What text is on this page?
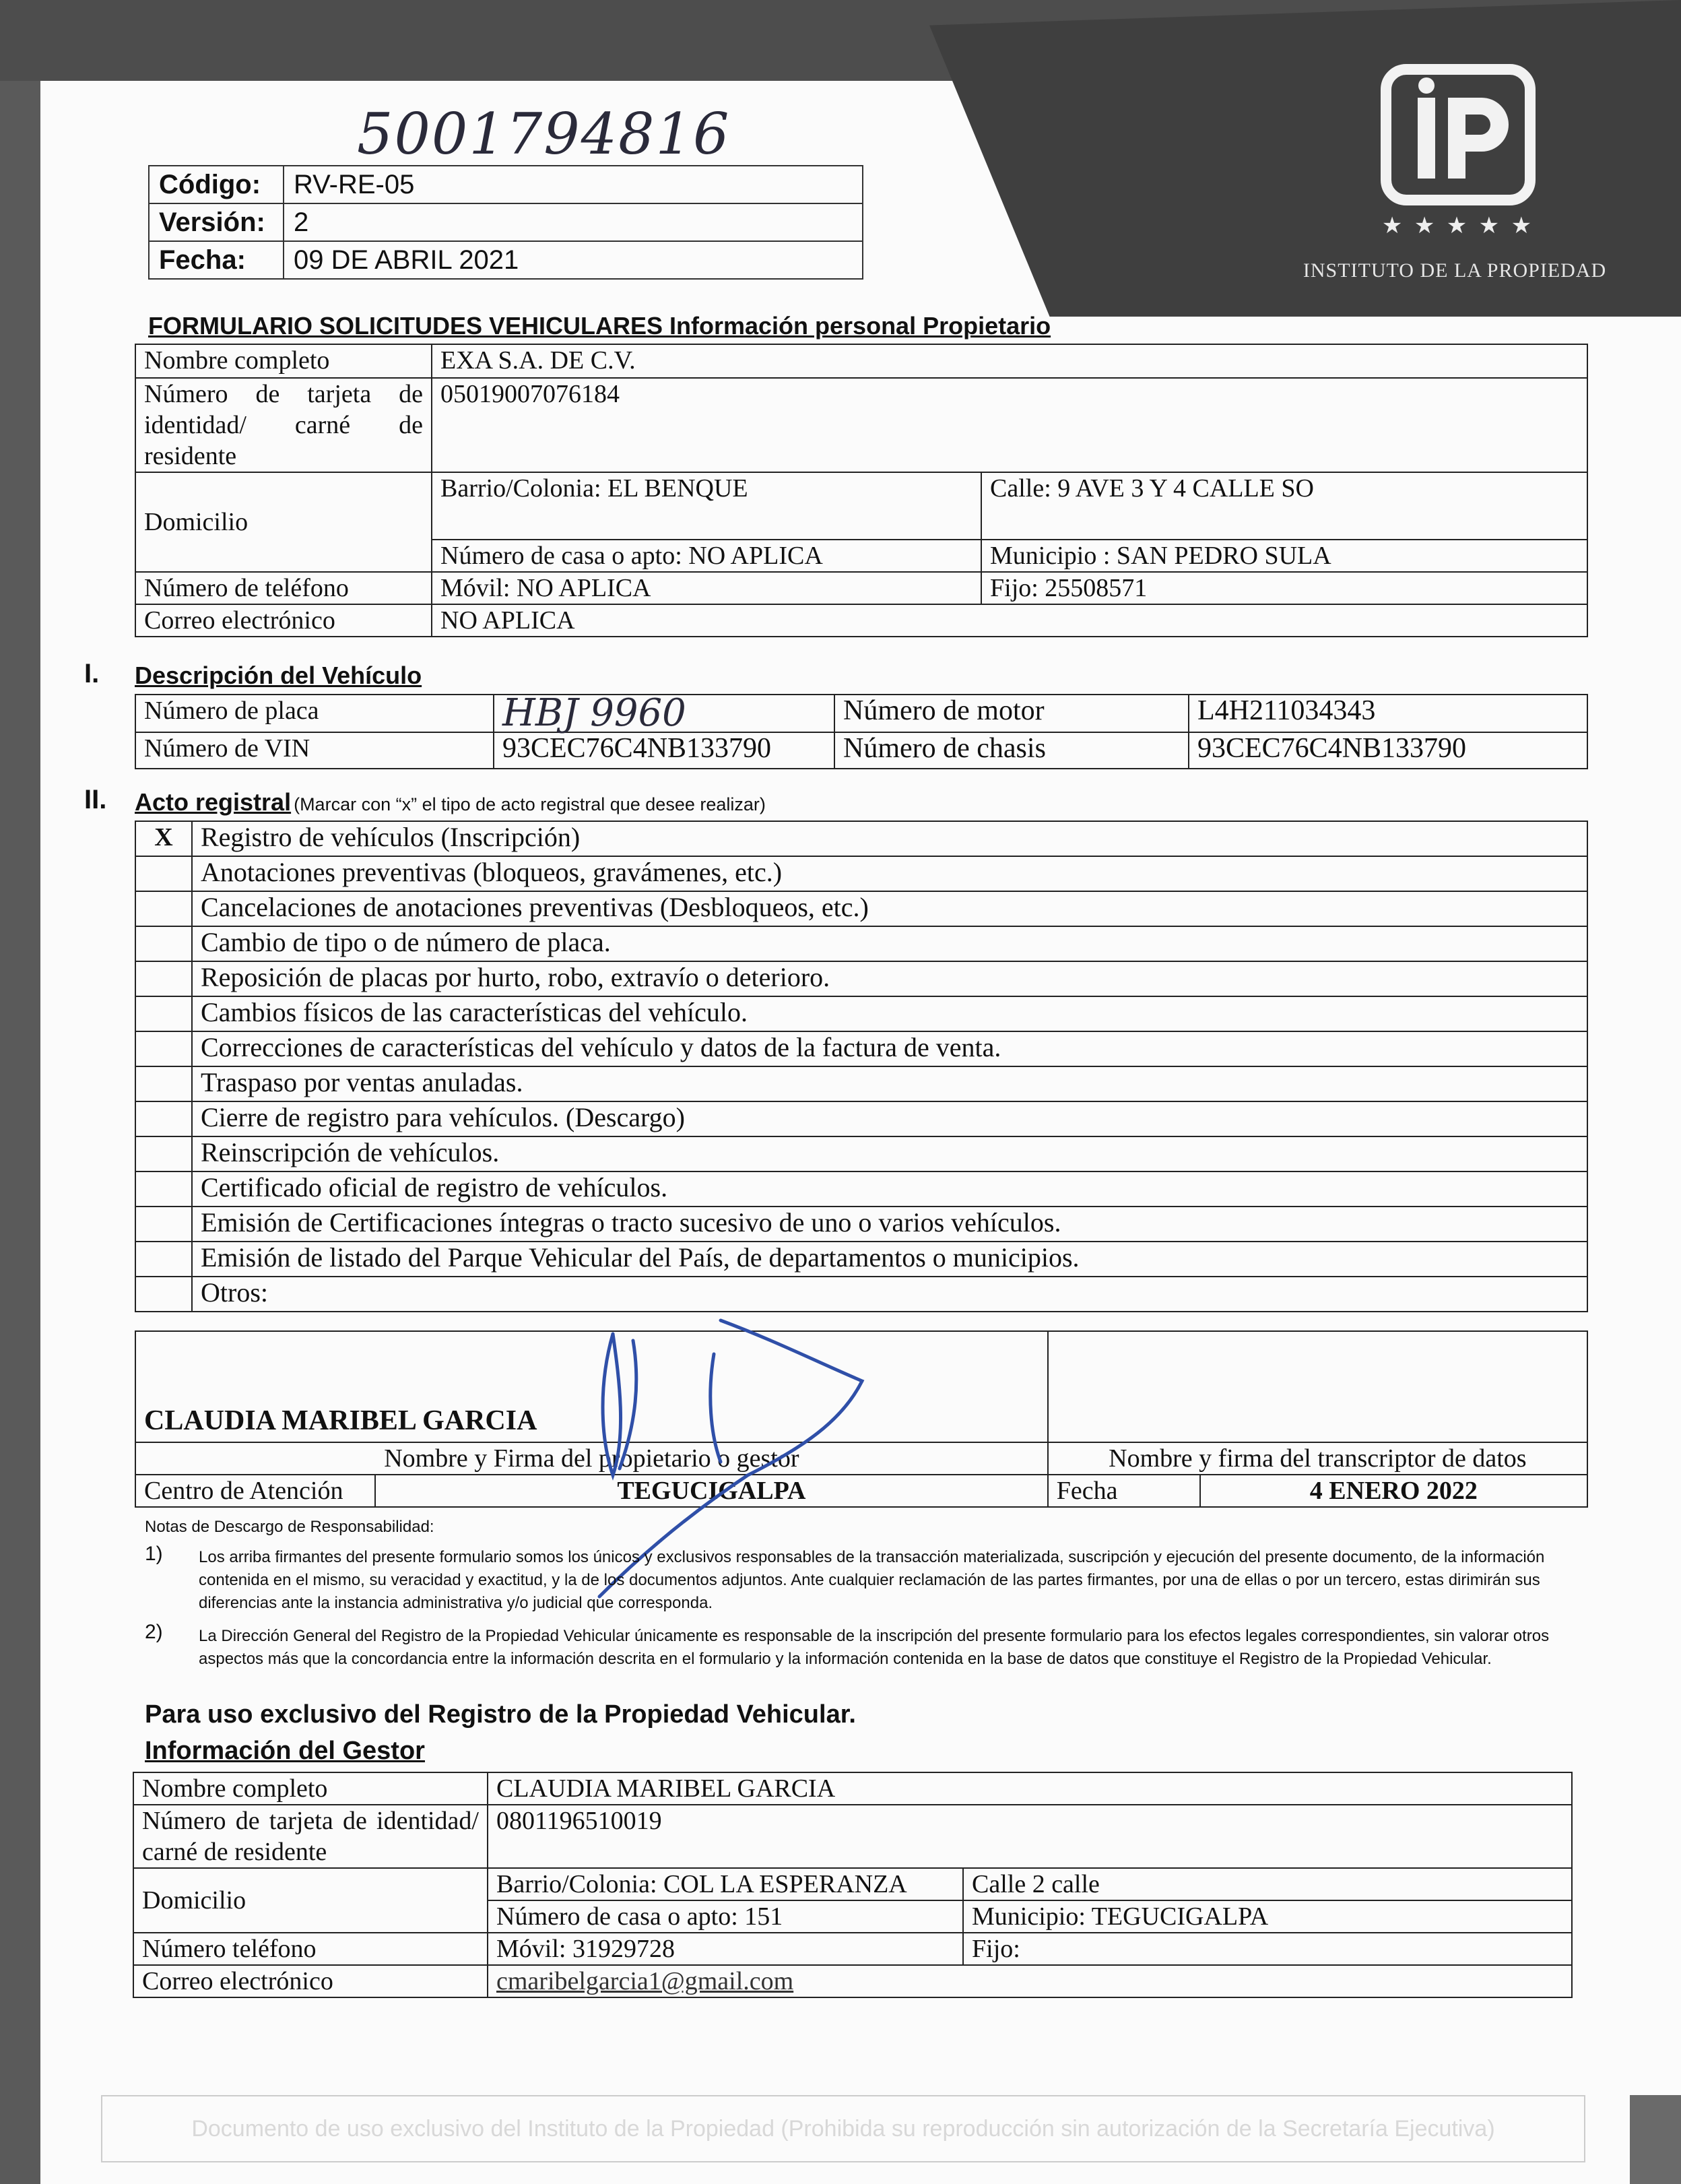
★ ★ ★ ★ ★
INSTITUTO DE LA PROPIEDAD
5001794816
Código:	RV-RE-05
Versión:	2
Fecha:	09 DE ABRIL 2021
FORMULARIO SOLICITUDES VEHICULARES Información personal Propietario
Nombre completo	EXA S.A. DE C.V.	
Número de tarjeta de identidad/ carné de residente	05019007076184	
Domicilio	Barrio/Colonia: EL BENQUE	Calle: 9 AVE 3 Y 4 CALLE SO
	Número de casa o apto: NO APLICA	Municipio : SAN PEDRO SULA
Número de teléfono	Móvil: NO APLICA	Fijo: 25508571
Correo electrónico	NO APLICA	
I. Descripción del Vehículo
Número de placa	HBJ 9960	Número de motor	L4H211034343
Número de VIN	93CEC76C4NB133790	Número de chasis	93CEC76C4NB133790
II. Acto registral (Marcar con “x” el tipo de acto registral que desee realizar)
X	Registro de vehículos (Inscripción)
	Anotaciones preventivas (bloqueos, gravámenes, etc.)
	Cancelaciones de anotaciones preventivas (Desbloqueos, etc.)
	Cambio de tipo o de número de placa.
	Reposición de placas por hurto, robo, extravío o deterioro.
	Cambios físicos de las características del vehículo.
	Correcciones de características del vehículo y datos de la factura de venta.
	Traspaso por ventas anuladas.
	Cierre de registro para vehículos. (Descargo)
	Reinscripción de vehículos.
	Certificado oficial de registro de vehículos.
	Emisión de Certificaciones íntegras o tracto sucesivo de uno o varios vehículos.
	Emisión de listado del Parque Vehicular del País, de departamentos o municipios.
	Otros:
CLAUDIA MARIBEL GARCIA			
Nombre y Firma del propietario o gestor		Nombre y firma del transcriptor de datos	
Centro de Atención	TEGUCIGALPA	Fecha	4 ENERO 2022
Notas de Descargo de Responsabilidad:
1) Los arriba firmantes del presente formulario somos los únicos y exclusivos responsables de la transacción materializada, suscripción y ejecución del presente documento, de la información contenida en el mismo, su veracidad y exactitud, y la de los documentos adjuntos. Ante cualquier reclamación de las partes firmantes, por una de ellas o por un tercero, estas dirimirán sus diferencias ante la instancia administrativa y/o judicial que corresponda.
2) La Dirección General del Registro de la Propiedad Vehicular únicamente es responsable de la inscripción del presente formulario para los efectos legales correspondientes, sin valorar otros aspectos más que la concordancia entre la información descrita en el formulario y la información contenida en la base de datos que constituye el Registro de la Propiedad Vehicular.
Para uso exclusivo del Registro de la Propiedad Vehicular.
Información del Gestor
Nombre completo	CLAUDIA MARIBEL GARCIA	
Número de tarjeta de identidad/ carné de residente	0801196510019	
Domicilio	Barrio/Colonia: COL LA ESPERANZA	Calle 2 calle
	Número de casa o apto: 151	Municipio: TEGUCIGALPA
Número teléfono	Móvil: 31929728	Fijo:
Correo electrónico	cmaribelgarcia1@gmail.com	
Documento de uso exclusivo del Instituto de la Propiedad (Prohibida su reproducción sin autorización de la Secretaría Ejecutiva)
